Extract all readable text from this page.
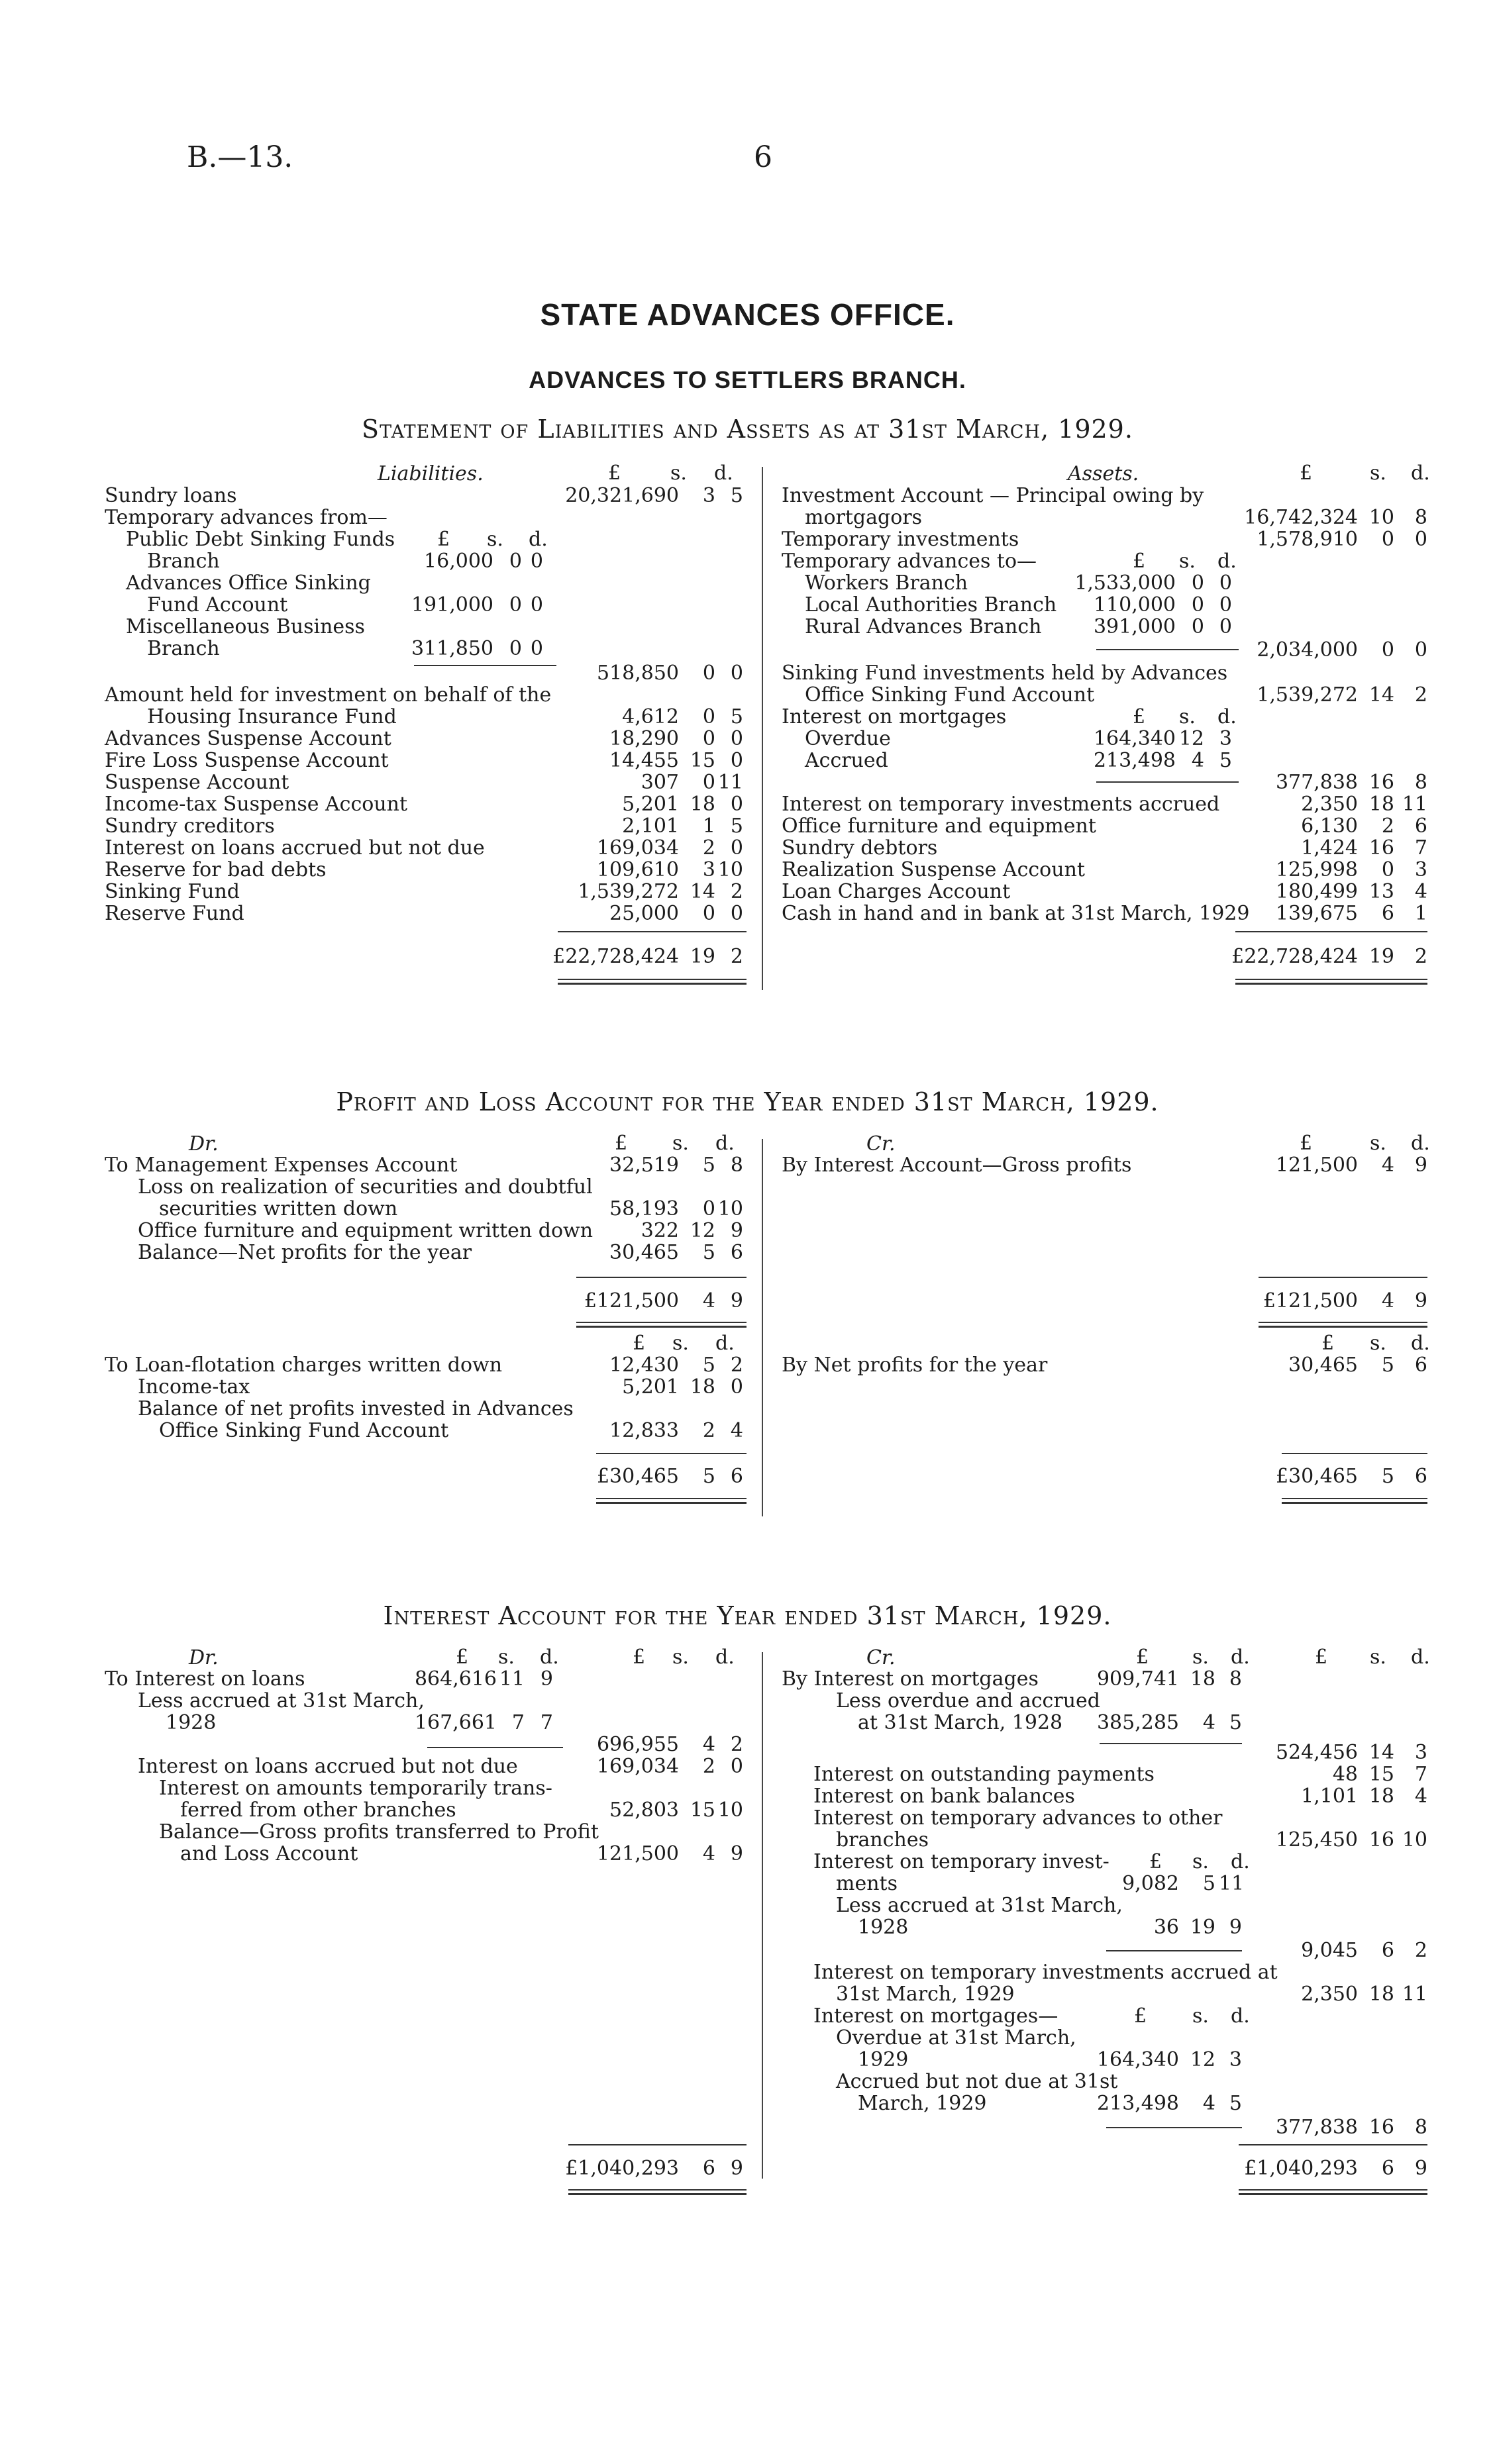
B.—13.	6
STATE ADVANCES OFFICE.
ADVANCES TO SETTLERS BRANCH.
Statement of Liabilities and Assets as at 31st March, 1929.
Liabilities.	£ s. d.	Assets.	£	s. d.
Sundry loans	20,321,690	3 5
Temporary advances from—
£ s. d.
Public Debt Sinking Funds
Branch	16,000 0 0
Advances Office Sinking
Fund Account	191,000 0 0
Miscellaneous Business
Branch	311,850 0 0
518,850	0 0
Amount held for investment on behalf of the
Housing Insurance Fund	4,612	0 5
Advances Suspense Account	18,290	0 0
Fire Loss Suspense Account	14,455 15 0
Suspense Account	307	0 11
Income-tax Suspense Account	5,201 18 0
Sundry creditors	2,101	1 5
Interest on loans accrued but not due	169,034	2 0
Reserve for bad debts	109,610	3 10
Sinking Fund	1,539,272 14 2
Reserve Fund	25,000	0 0
£22,728,424 19 2
Investment Account — Principal owing by
mortgagors	16,742,324 10	8
Temporary investments	1,578,910	0	0
Temporary advances to—	£ s. d.
Workers Branch	1,533,000 0 0
Local Authorities Branch	110,000 0 0
Rural Advances Branch	391,000 0 0
2,034,000	0	0
Sinking Fund investments held by Advances
Office Sinking Fund Account	1,539,272 14	2
Interest on mortgages	£ s. d.
Overdue	164,340 12 3
Accrued	213,498 4 5
377,838 16	8
Interest on temporary investments accrued	2,350 18 11
Office furniture and equipment	6,130	2	6
Sundry debtors	1,424 16	7
Realization Suspense Account	125,998	0	3
Loan Charges Account	180,499 13	4
Cash in hand and in bank at 31st March, 1929	139,675	6	1
£22,728,424 19	2
Profit and Loss Account for the Year ended 31st March, 1929.
Dr.	£ s. d.	Cr.	£	s. d.
To Management Expenses Account	32,519	5 8
Loss on realization of securities and doubtful
securities written down	58,193	0 10
Office furniture and equipment written down	322 12 9
Balance—Net profits for the year	30,465	5 6
£121,500	4 9
By Interest Account—Gross profits	121,500	4	9
£121,500	4	9
£ s. d.	£ s. d.
To Loan-flotation charges written down	12,430	5 2
Income-tax	5,201 18 0
Balance of net profits invested in Advances
Office Sinking Fund Account	12,833	2 4
£30,465	5 6
By Net profits for the year	30,465	5	6
£30,465	5	6
Interest Account for the Year ended 31st March, 1929.
Dr.	£ s. d.	£ s. d.	Cr.	£ s. d.	£ s. d.
To Interest on loans	864,616 11 9
Less accrued at 31st March,
1928	167,661 7 7
696,955	4 2
Interest on loans accrued but not due	169,034	2 0
Interest on amounts temporarily trans-
ferred from other branches	52,803 15 10
Balance—Gross profits transferred to Profit
and Loss Account	121,500	4 9
£1,040,293	6 9
By Interest on mortgages	909,741 18 8
Less overdue and accrued
at 31st March, 1928	385,285	4 5
524,456 14	3
Interest on outstanding payments	48 15	7
Interest on bank balances	1,101 18	4
Interest on temporary advances to other
branches	125,450 16 10
Interest on temporary invest- £ s. d.
ments	9,082	5 11
Less accrued at 31st March,
1928	36 19 9
9,045	6	2
Interest on temporary investments accrued at
31st March, 1929	2,350 18 11
Interest on mortgages—	£ s. d.
Overdue at 31st March,
1929	164,340 12 3
Accrued but not due at 31st
March, 1929	213,498	4 5
377,838 16	8
£1,040,293	6	9
